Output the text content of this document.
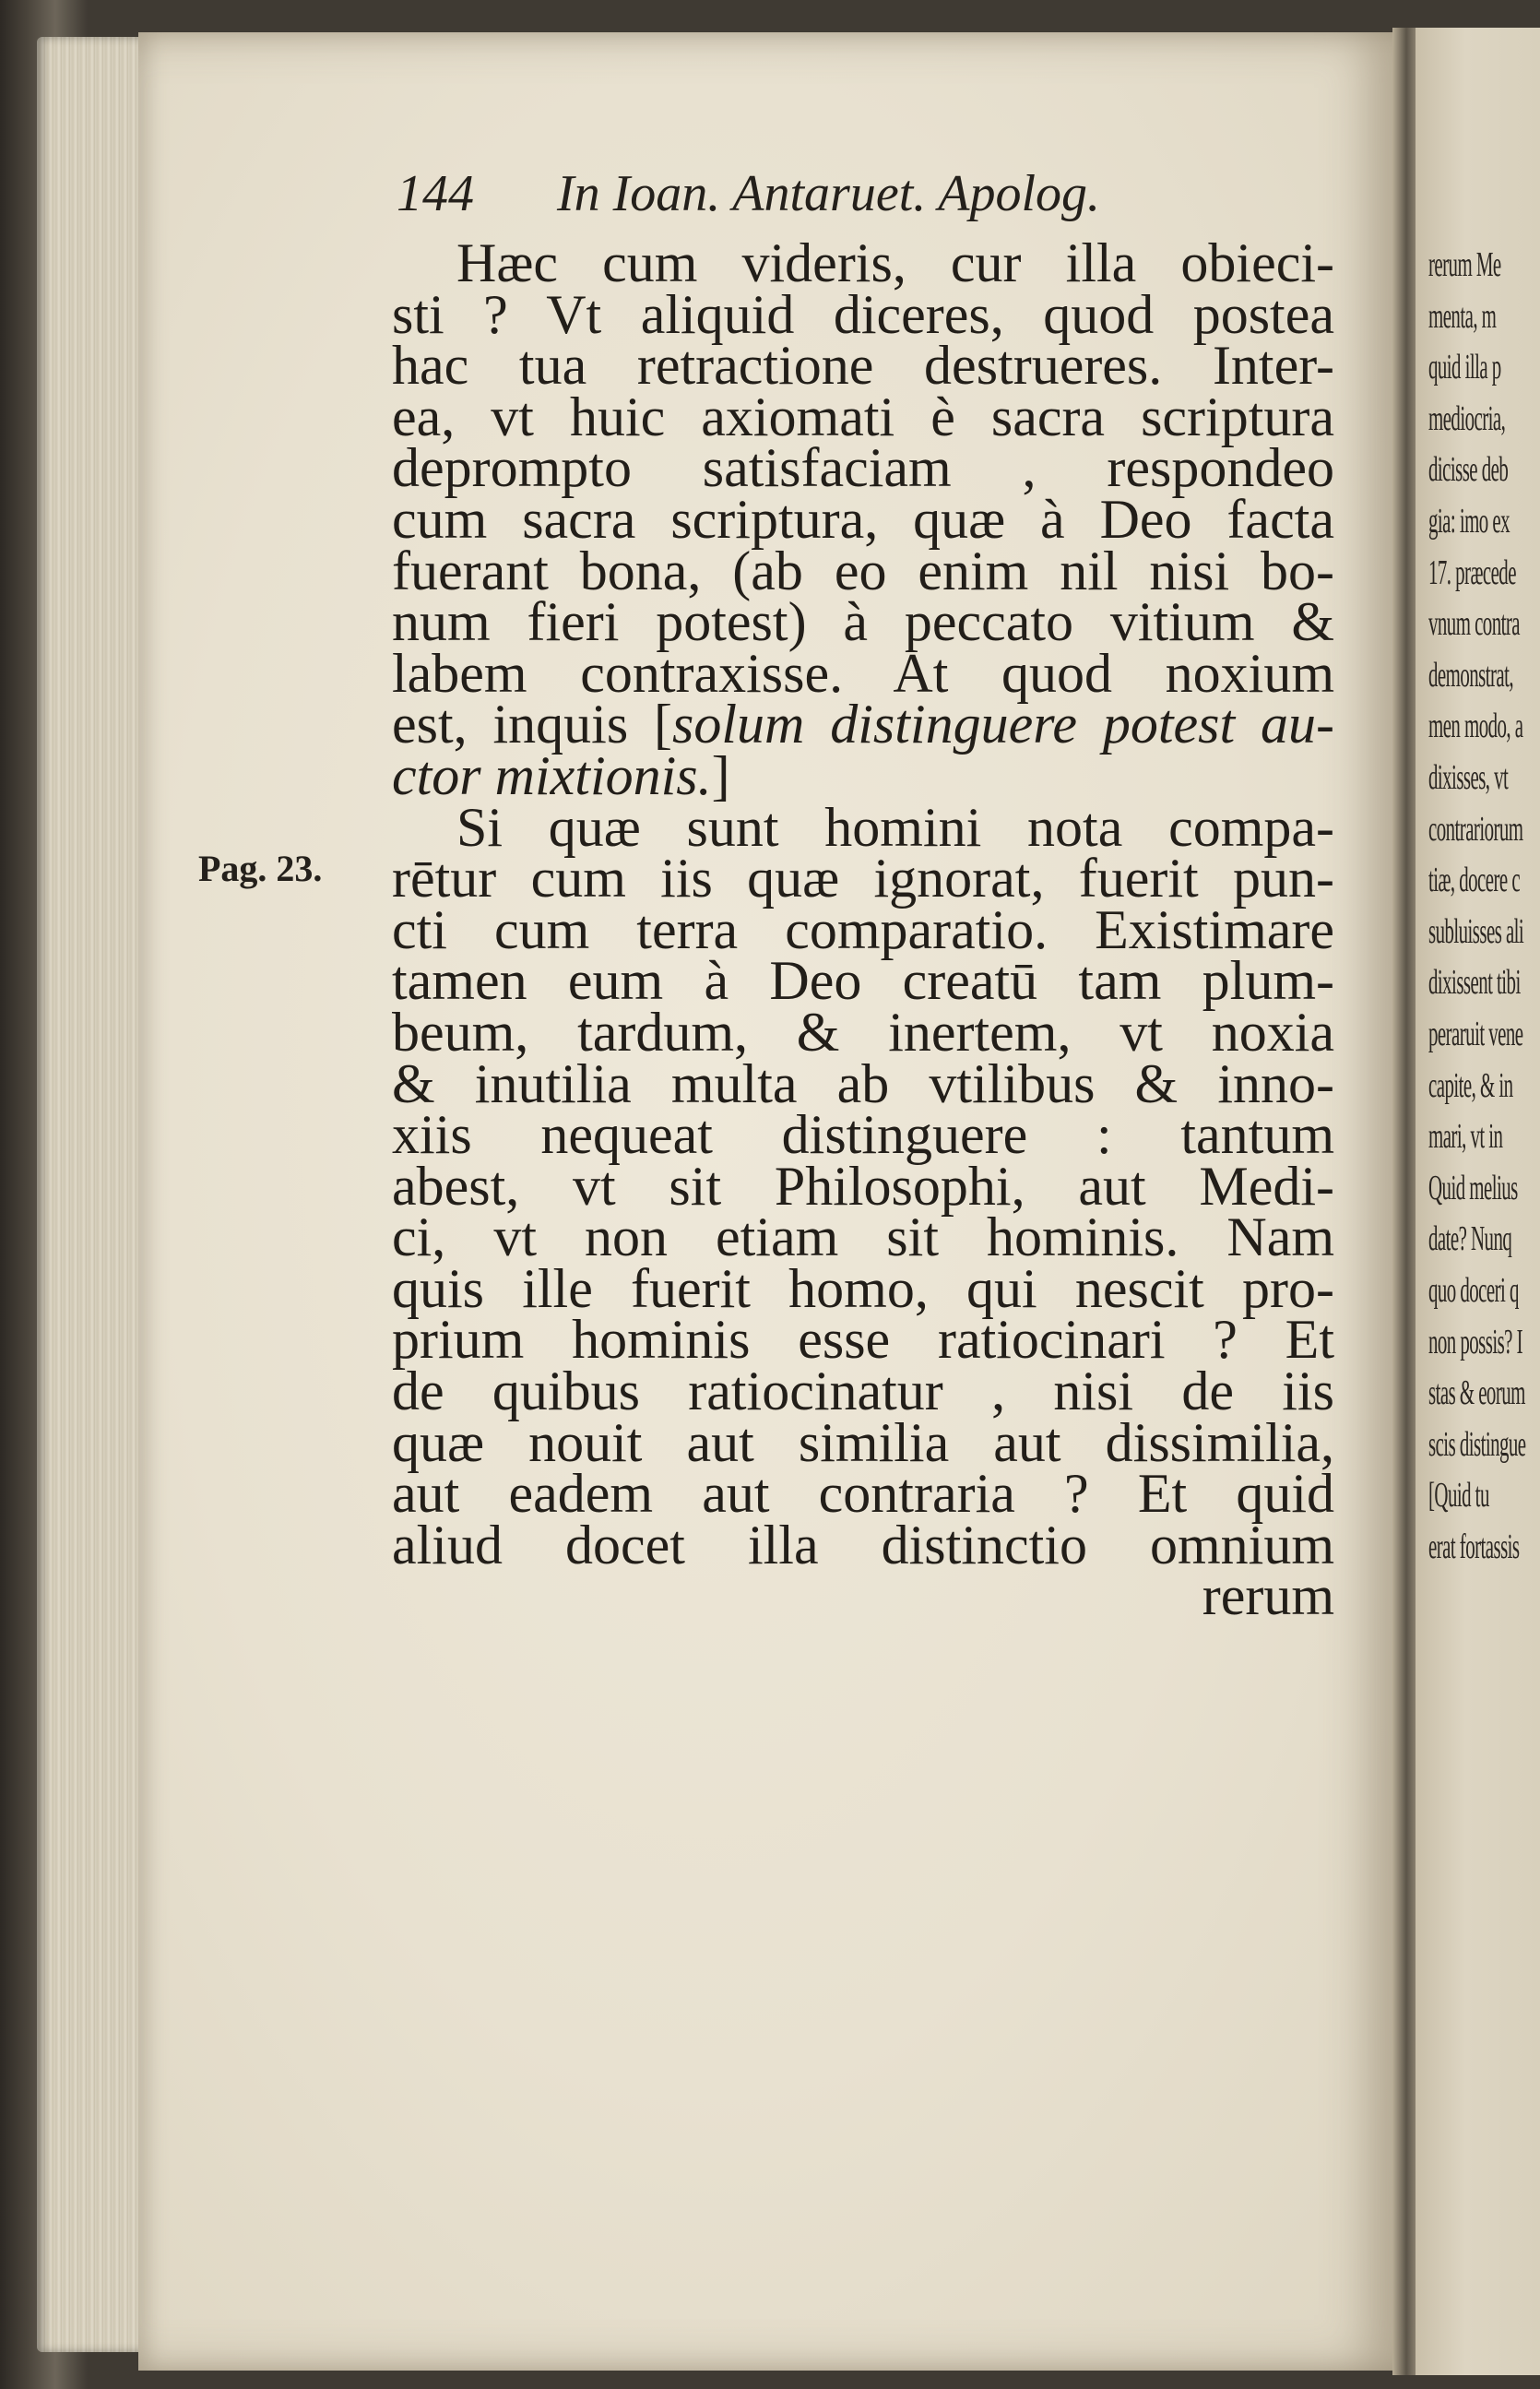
rerum Me
menta, m
quid illa p
mediocria,
dicisse deb
gia: imo ex
17. præcede
vnum contra
demonstrat,
men modo, a
dixisses, vt
contrariorum
tiæ, docere c
subluisses ali
dixissent tibi
peraruit vene
capite, & in
mari, vt in
Quid melius
date? Nunq
quo doceri q
non possis? I
stas & eorum
scis distingue
[Quid tu
erat fortassis
144 In Ioan. Antaruet. Apolog.
Pag. 23.
Hæc cum videris, cur illa obieci-
sti ? Vt aliquid diceres, quod postea
hac tua retractione destrueres. Inter-
ea, vt huic axiomati è sacra scriptura
deprompto satisfaciam , respondeo
cum sacra scriptura, quæ à Deo facta
fuerant bona, (ab eo enim nil nisi bo-
num fieri potest) à peccato vitium &
labem contraxisse. At quod noxium
est, inquis [solum distinguere potest au-
ctor mixtionis.]
Si quæ sunt homini nota compa-
rētur cum iis quæ ignorat, fuerit pun-
cti cum terra comparatio. Existimare
tamen eum à Deo creatū tam plum-
beum, tardum, & inertem, vt noxia
& inutilia multa ab vtilibus & inno-
xiis nequeat distinguere : tantum
abest, vt sit Philosophi, aut Medi-
ci, vt non etiam sit hominis. Nam
quis ille fuerit homo, qui nescit pro-
prium hominis esse ratiocinari ? Et
de quibus ratiocinatur , nisi de iis
quæ nouit aut similia aut dissimilia,
aut eadem aut contraria ? Et quid
aliud docet illa distinctio omnium
rerum
